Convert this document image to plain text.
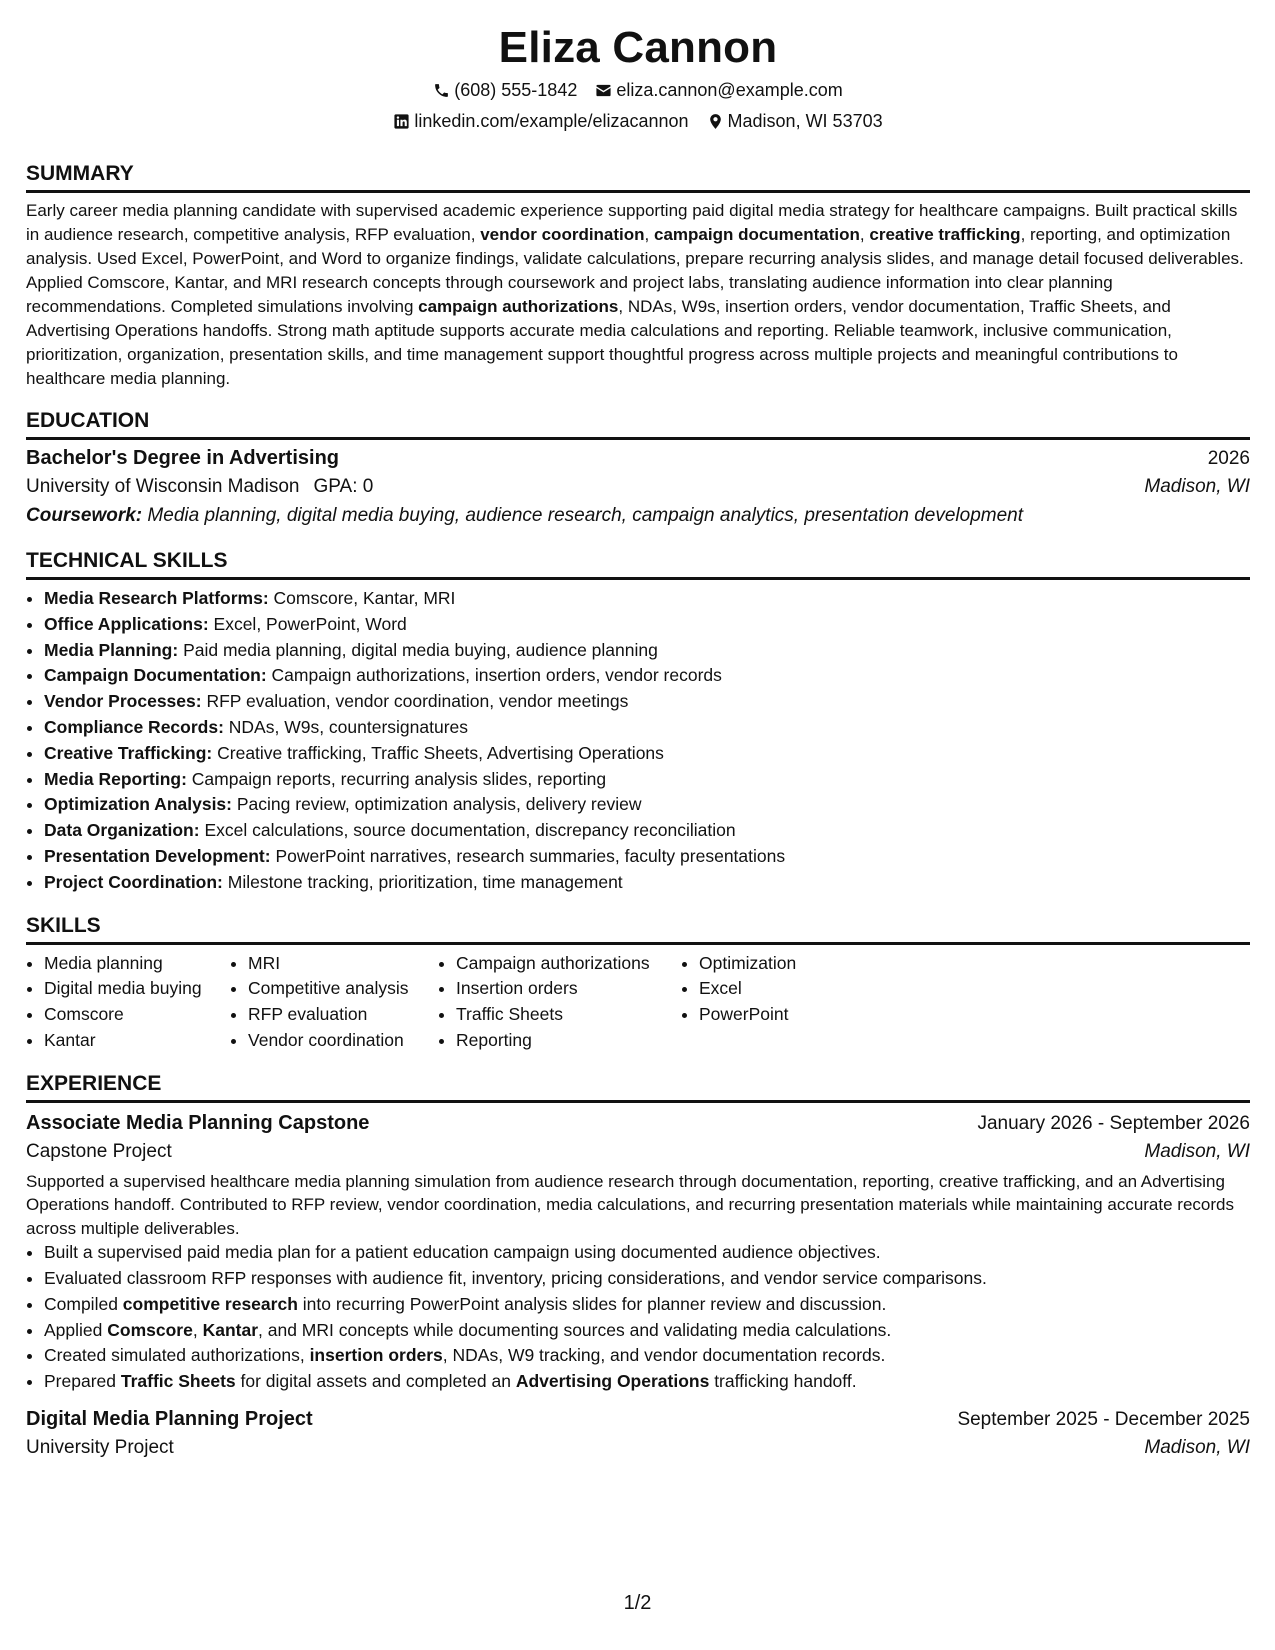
Eliza Cannon
(608) 555-1842 eliza.cannon@example.com
linkedin.com/example/elizacannon Madison, WI 53703
SUMMARY

Early career media planning candidate with supervised academic experience supporting paid digital media strategy for healthcare campaigns. Built practical skills in audience research, competitive analysis, RFP evaluation, vendor coordination, campaign documentation, creative trafficking, reporting, and optimization analysis. Used Excel, PowerPoint, and Word to organize findings, validate calculations, prepare recurring analysis slides, and manage detail focused deliverables. Applied Comscore, Kantar, and MRI research concepts through coursework and project labs, translating audience information into clear planning recommendations. Completed simulations involving campaign authorizations, NDAs, W9s, insertion orders, vendor documentation, Traffic Sheets, and Advertising Operations handoffs. Strong math aptitude supports accurate media calculations and reporting. Reliable teamwork, inclusive communication, prioritization, organization, presentation skills, and time management support thoughtful progress across multiple projects and meaningful contributions to healthcare media planning.

EDUCATION
Bachelor's Degree in Advertising	2026
University of Wisconsin Madison GPA: 0	Madison, WI
Coursework: Media planning, digital media buying, audience research, campaign analytics, presentation development
TECHNICAL SKILLS
• Media Research Platforms: Comscore, Kantar, MRI
• Office Applications: Excel, PowerPoint, Word
• Media Planning: Paid media planning, digital media buying, audience planning
• Campaign Documentation: Campaign authorizations, insertion orders, vendor records
• Vendor Processes: RFP evaluation, vendor coordination, vendor meetings
• Compliance Records: NDAs, W9s, countersignatures
• Creative Trafficking: Creative trafficking, Traffic Sheets, Advertising Operations
• Media Reporting: Campaign reports, recurring analysis slides, reporting
• Optimization Analysis: Pacing review, optimization analysis, delivery review
• Data Organization: Excel calculations, source documentation, discrepancy reconciliation
• Presentation Development: PowerPoint narratives, research summaries, faculty presentations
• Project Coordination: Milestone tracking, prioritization, time management
SKILLS
• Media planning
• Digital media buying
• Comscore
• Kantar
• MRI
• Competitive analysis
• RFP evaluation
• Vendor coordination
• Campaign authorizations
• Insertion orders
• Traffic Sheets
• Reporting
• Optimization
• Excel
• PowerPoint
EXPERIENCE
Associate Media Planning Capstone	January 2026 - September 2026
Capstone Project	Madison, WI

Supported a supervised healthcare media planning simulation from audience research through documentation, reporting, creative trafficking, and an Advertising Operations handoff. Contributed to RFP review, vendor coordination, media calculations, and recurring presentation materials while maintaining accurate records across multiple deliverables.

• Built a supervised paid media plan for a patient education campaign using documented audience objectives.
• Evaluated classroom RFP responses with audience fit, inventory, pricing considerations, and vendor service comparisons.
• Compiled competitive research into recurring PowerPoint analysis slides for planner review and discussion.
• Applied Comscore, Kantar, and MRI concepts while documenting sources and validating media calculations.
• Created simulated authorizations, insertion orders, NDAs, W9 tracking, and vendor documentation records.
• Prepared Traffic Sheets for digital assets and completed an Advertising Operations trafficking handoff.
Digital Media Planning Project	September 2025 - December 2025
University Project	Madison, WI
1/2
